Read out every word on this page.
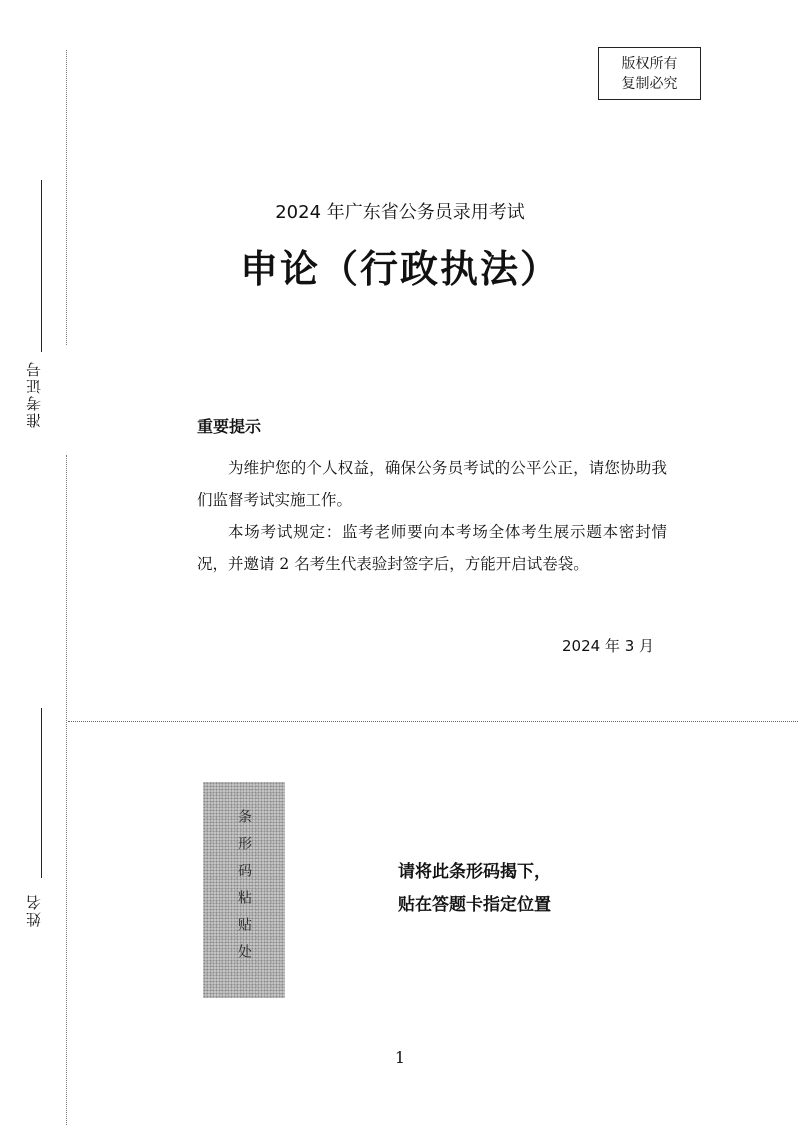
版权所有
复制必究
准考证号
姓名
2024 年广东省公务员录用考试
申论（行政执法）
重要提示

为维护您的个人权益，确保公务员考试的公平公正，请您协助我们监督考试实施工作。

本场考试规定：监考老师要向本考场全体考生展示题本密封情况，并邀请 2 名考生代表验封签字后，方能开启试卷袋。

2024 年 3 月
条形码粘贴处	请将此条形码揭下，
贴在答题卡指定位置
1
